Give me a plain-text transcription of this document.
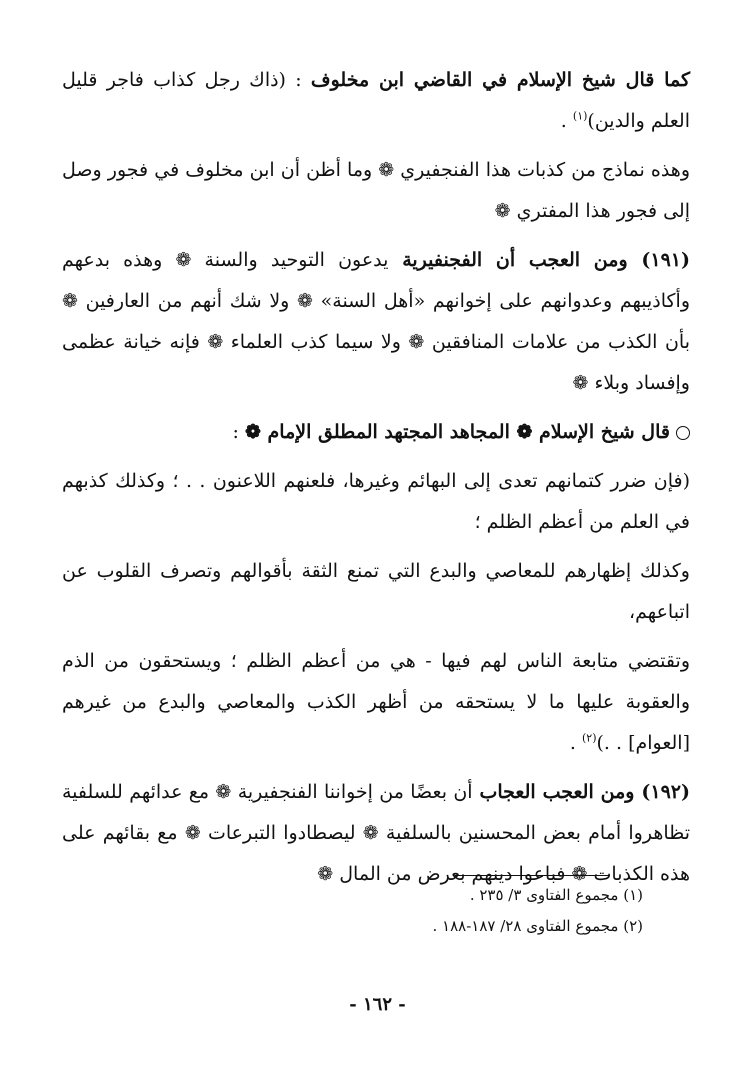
كما قال شيخ الإسلام في القاضي ابن مخلوف : (ذاك رجل كذاب فاجر قليل العلم والدين)$^{(١)}$ .

وهذه نماذج من كذبات هذا الفنجفيري ❁ وما أظن أن ابن مخلوف في فجور وصل إلى فجور هذا المفتري ❁

(١٩١) ومن العجب أن الفجنفيرية يدعون التوحيد والسنة ❁ وهذه بدعهم وأكاذيبهم وعدوانهم على إخوانهم «أهل السنة» ❁ ولا شك أنهم من العارفين ❁ بأن الكذب من علامات المنافقين ❁ ولا سيما كذب العلماء ❁ فإنه خيانة عظمى وإفساد وبلاء ❁

قال شيخ الإسلام ❁ المجاهد المجتهد المطلق الإمام ❁ :

(فإن ضرر كتمانهم تعدى إلى البهائم وغيرها، فلعنهم اللاعنون . . ؛ وكذلك كذبهم في العلم من أعظم الظلم ؛

وكذلك إظهارهم للمعاصي والبدع التي تمنع الثقة بأقوالهم وتصرف القلوب عن اتباعهم،

وتقتضي متابعة الناس لهم فيها - هي من أعظم الظلم ؛ ويستحقون من الذم والعقوبة عليها ما لا يستحقه من أظهر الكذب والمعاصي والبدع من غيرهم [العوام] . .)$^{(٢)}$ .

(١٩٢) ومن العجب العجاب أن بعضًا من إخواننا الفنجفيرية ❁ مع عدائهم للسلفية تظاهروا أمام بعض المحسنين بالسلفية ❁ ليصطادوا التبرعات ❁ مع بقائهم على هذه الكذبات ❁ فباعوا دينهم بعرض من المال ❁

(١) مجموع الفتاوى ٣/ ٢٣٥ .
(٢) مجموع الفتاوى ٢٨/ ١٨٧-١٨٨ .
- ١٦٢ -
